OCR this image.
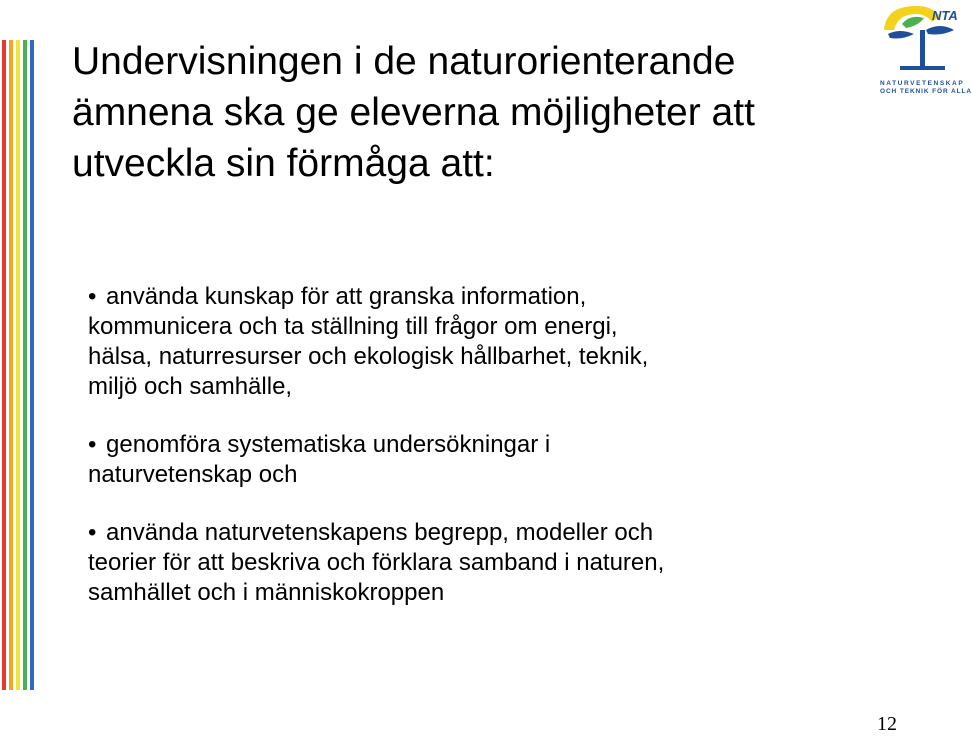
Undervisningen i de naturorienterande
ämnena ska ge eleverna möjligheter att
utveckla sin förmåga att:

• använda kunskap för att granska information,
kommunicera och ta ställning till frågor om energi,
hälsa, naturresurser och ekologisk hållbarhet, teknik,
miljö och samhälle,

• genomföra systematiska undersökningar i
naturvetenskap och

• använda naturvetenskapens begrepp, modeller och
teorier för att beskriva och förklara samband i naturen,
samhället och i människokroppen

NTA
NATURVETENSKAP
OCH TEKNIK FÖR ALLA
12
